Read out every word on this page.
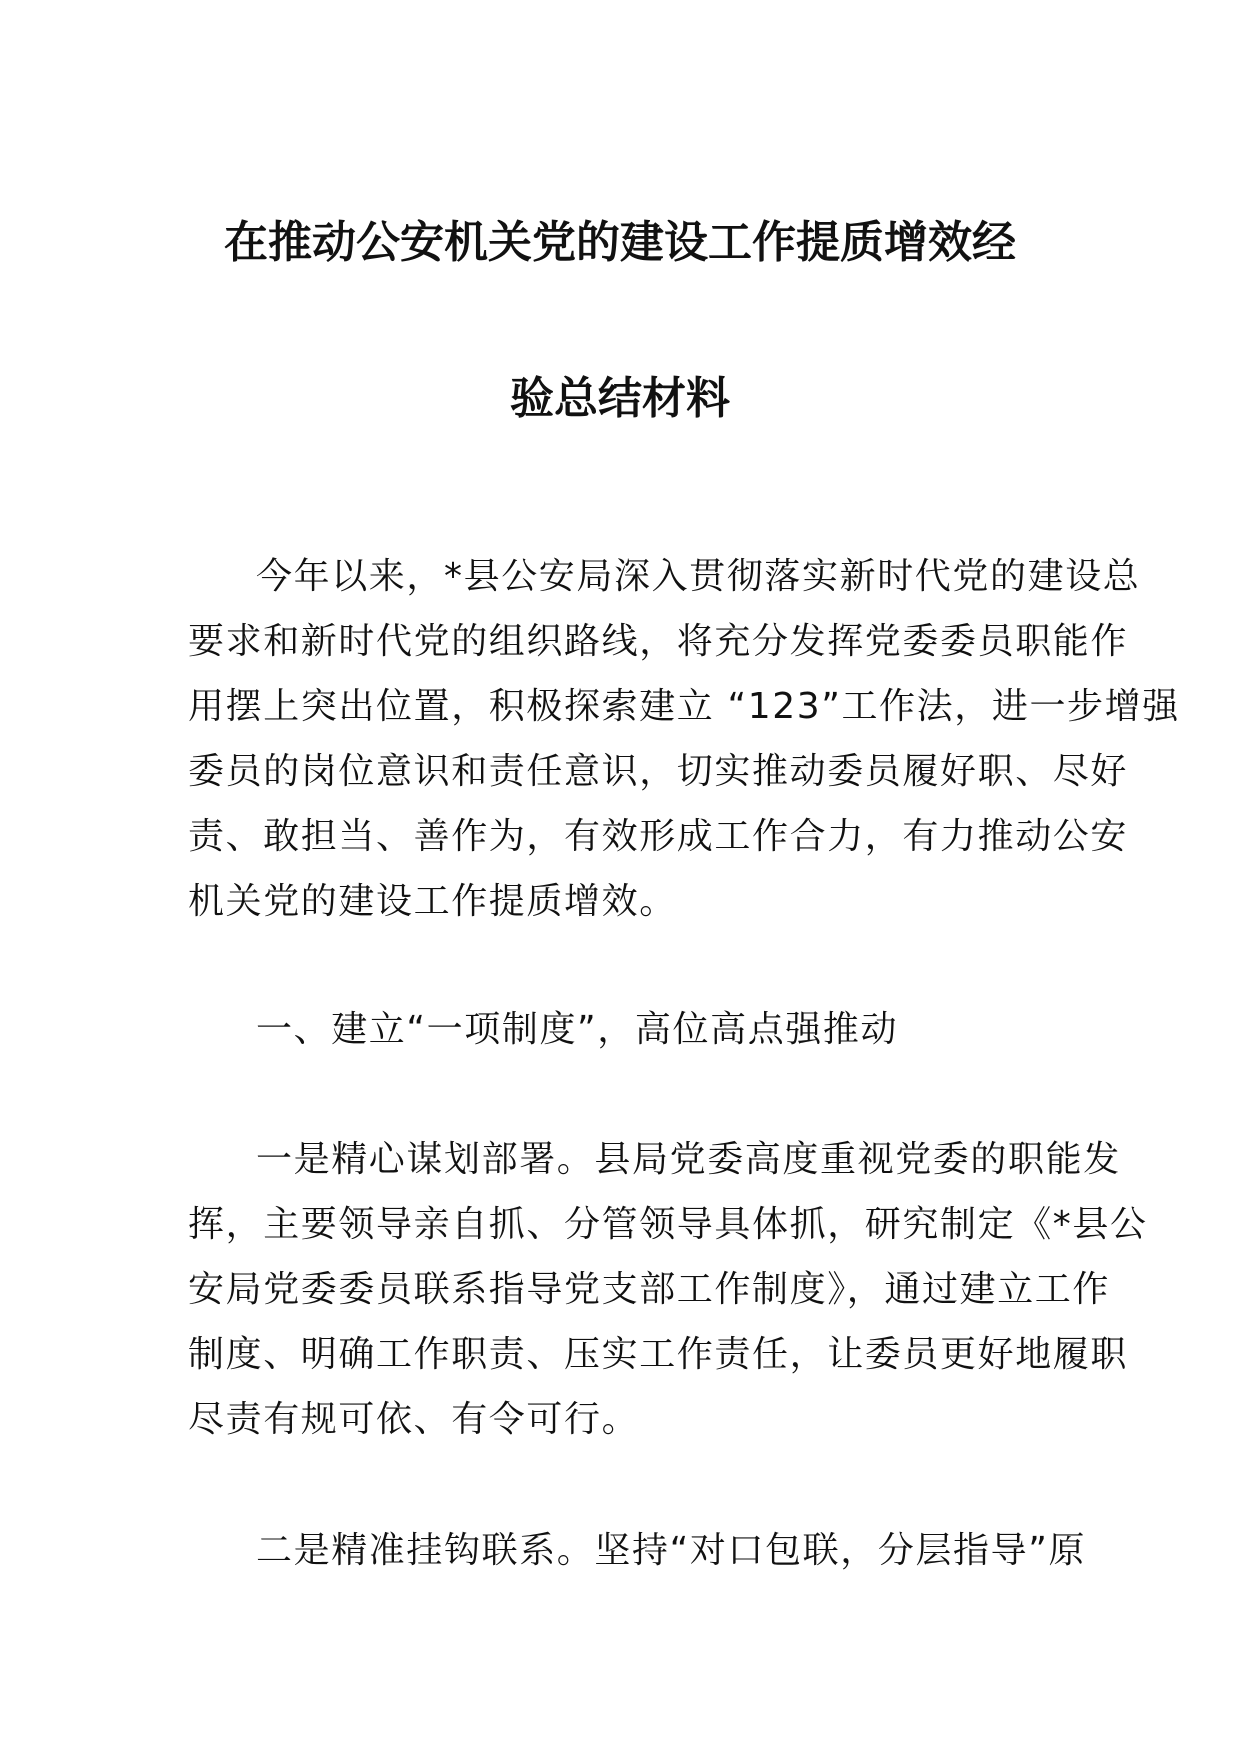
在推动公安机关党的建设工作提质增效经
验总结材料
今年以来，*县公安局深入贯彻落实新时代党的建设总
要求和新时代党的组织路线，将充分发挥党委委员职能作
用摆上突出位置，积极探索建立 “123”工作法，进一步增强
委员的岗位意识和责任意识，切实推动委员履好职、尽好
责、敢担当、善作为，有效形成工作合力，有力推动公安
机关党的建设工作提质增效。
一、建立“一项制度”，高位高点强推动
一是精心谋划部署。县局党委高度重视党委的职能发
挥，主要领导亲自抓、分管领导具体抓，研究制定《*县公
安局党委委员联系指导党支部工作制度》，通过建立工作
制度、明确工作职责、压实工作责任，让委员更好地履职
尽责有规可依、有令可行。
二是精准挂钩联系。坚持“对口包联，分层指导”原
